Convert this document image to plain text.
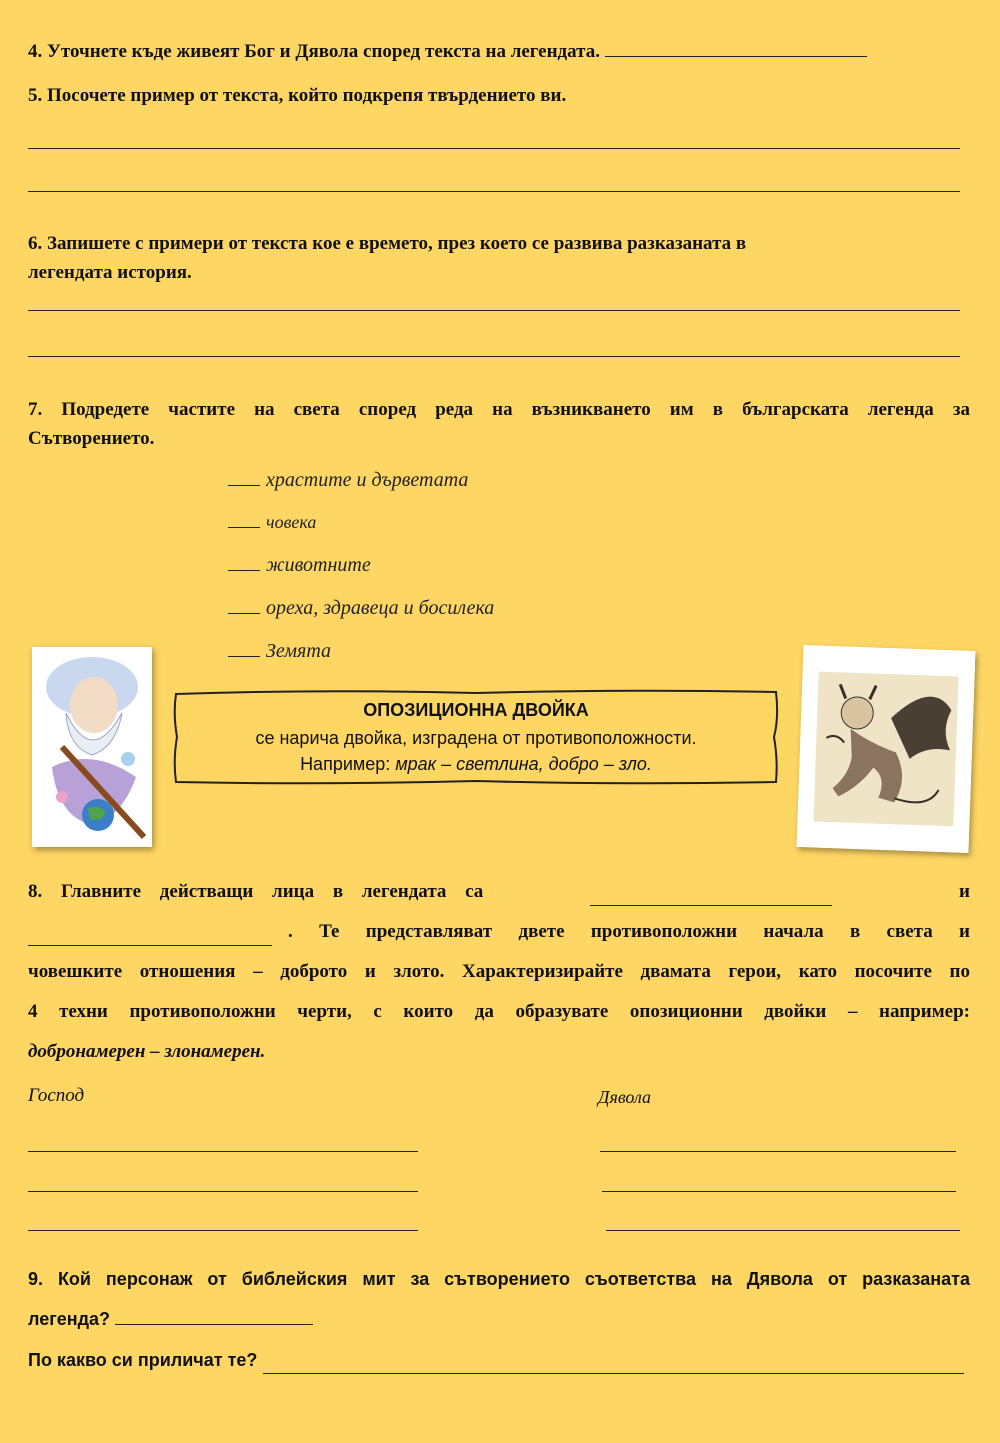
4. Уточнете къде живеят Бог и Дявола според текста на легендата.
5. Посочете пример от текста, който подкрепя твърдението ви.
6. Запишете с примери от текста кое е времето, през което се развива разказаната в
легендата история.
7. Подредете частите на света според реда на възникването им в българската легенда за
Сътворението.
храстите и дърветата
човека
животните
ореха, здравеца и босилека
Земята
ОПОЗИЦИОННА ДВОЙКА
се нарича двойка, изградена от противоположности.
Например: мрак – светлина, добро – зло.
8. Главните действащи лица в легендата са	и
. Те представляват двете противоположни начала в света и
човешките отношения – доброто и злото. Характеризирайте двамата герои, като посочите по
4 техни противоположни черти, с които да образувате опозиционни двойки – например:
добронамерен – злонамерен.
Господ	Дявола
9. Кой персонаж от библейския мит за сътворението съответства на Дявола от разказаната
легенда?
По какво си приличат те?
